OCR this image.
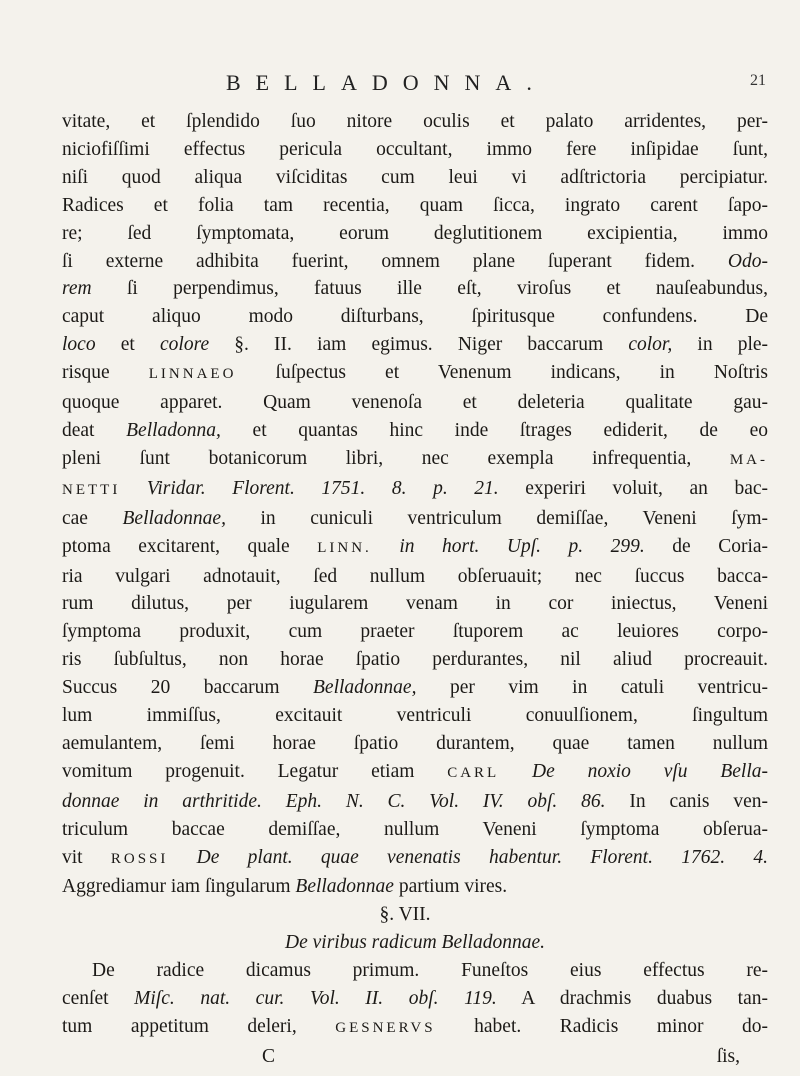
BELLADONNA.	21
vitate, et ſplendido ſuo nitore oculis et palato arridentes, per-
niciofiſſimi effectus pericula occultant, immo fere inſipidae ſunt,
niſi quod aliqua viſciditas cum leui vi adſtrictoria percipiatur.
Radices et folia tam recentia, quam ſicca, ingrato carent ſapo-
re; ſed ſymptomata, eorum deglutitionem excipientia, immo
ſi externe adhibita fuerint, omnem plane ſuperant fidem. Odo-
rem ſi perpendimus, fatuus ille eſt, viroſus et nauſeabundus,
caput aliquo modo diſturbans, ſpiritusque confundens. De
loco et colore §. II. iam egimus. Niger baccarum color, in ple-
risque	LINNAEO ſuſpectus et Venenum indicans, in Noſtris
quoque apparet. Quam venenoſa et deleteria qualitate gau-
deat Belladonna, et quantas hinc inde ſtrages ediderit, de eo
pleni ſunt botanicorum libri, nec exempla infrequentia,	MA-
NETTI Viridar. Florent. 1751. 8. p. 21. experiri voluit, an bac-
cae Belladonnae, in cuniculi ventriculum demiſſae, Veneni ſym-
ptoma excitarent, quale LINN. in hort. Upſ. p. 299. de Coria-
ria vulgari adnotauit, ſed nullum obſeruauit; nec ſuccus bacca-
rum dilutus, per iugularem venam in cor iniectus, Veneni
ſymptoma produxit, cum praeter ſtuporem ac leuiores corpo-
ris ſubſultus, non horae ſpatio perdurantes, nil aliud procreauit.
Succus 20 baccarum Belladonnae, per vim in catuli ventricu-
lum immiſſus, excitauit ventriculi conuulſionem, ſingultum
aemulantem, ſemi horae ſpatio durantem, quae tamen nullum
vomitum progenuit. Legatur etiam CARL De noxio vſu Bella-
donnae in arthritide. Eph. N. C. Vol. IV. obſ. 86. In canis ven-
triculum baccae demiſſae, nullum Veneni ſymptoma obſerua-
vit ROSSI De plant. quae venenatis habentur. Florent. 1762. 4.
Aggrediamur iam ſingularum Belladonnae partium vires.
§. VII.
De viribus radicum Belladonnae.
De radice dicamus primum. Funeſtos eius effectus re-
cenſet Miſc. nat. cur. Vol. II. obſ. 119. A drachmis duabus tan-
tum appetitum deleri,	GESNERVS habet. Radicis minor do-
C	ſis,
